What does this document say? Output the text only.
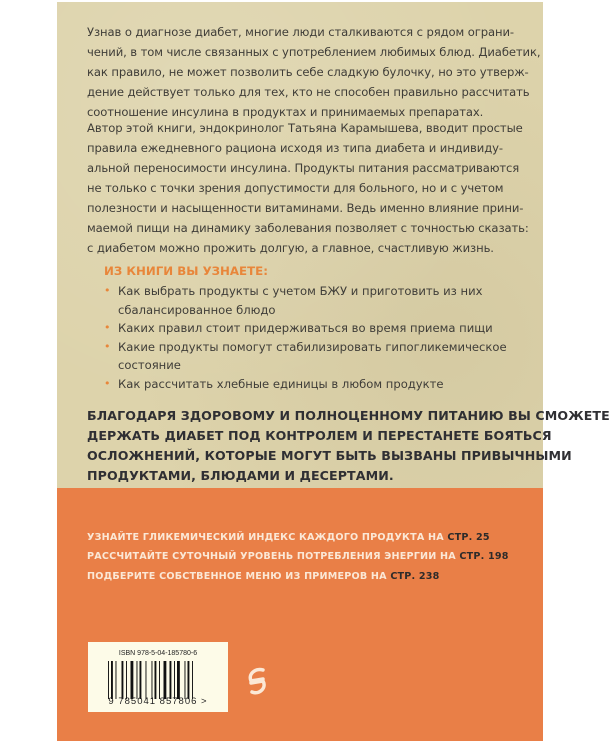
Узнав о диагнозе диабет, многие люди сталкиваются с рядом ограни-
чений, в том числе связанных с употреблением любимых блюд. Диабетик,
как правило, не может позволить себе сладкую булочку, но это утверж-
дение действует только для тех, кто не способен правильно рассчитать
соотношение инсулина в продуктах и принимаемых препаратах.
Автор этой книги, эндокринолог Татьяна Карамышева, вводит простые
правила ежедневного рациона исходя из типа диабета и индивиду-
альной переносимости инсулина. Продукты питания рассматриваются
не только с точки зрения допустимости для больного, но и с учетом
полезности и насыщенности витаминами. Ведь именно влияние прини-
маемой пищи на динамику заболевания позволяет с точностью сказать:
с диабетом можно прожить долгую, а главное, счастливую жизнь.
ИЗ КНИГИ ВЫ УЗНАЕТЕ:
• Как выбрать продукты с учетом БЖУ и приготовить из них
сбалансированное блюдо
• Каких правил стоит придерживаться во время приема пищи
• Какие продукты помогут стабилизировать гипогликемическое
состояние
• Как рассчитать хлебные единицы в любом продукте
БЛАГОДАРЯ ЗДОРОВОМУ И ПОЛНОЦЕННОМУ ПИТАНИЮ ВЫ СМОЖЕТЕ
ДЕРЖАТЬ ДИАБЕТ ПОД КОНТРОЛЕМ И ПЕРЕСТАНЕТЕ БОЯТЬСЯ
ОСЛОЖНЕНИЙ, КОТОРЫЕ МОГУТ БЫТЬ ВЫЗВАНЫ ПРИВЫЧНЫМИ
ПРОДУКТАМИ, БЛЮДАМИ И ДЕСЕРТАМИ.
УЗНАЙТЕ ГЛИКЕМИЧЕСКИЙ ИНДЕКС КАЖДОГО ПРОДУКТА НА СТР. 25
РАССЧИТАЙТЕ СУТОЧНЫЙ УРОВЕНЬ ПОТРЕБЛЕНИЯ ЭНЕРГИИ НА СТР. 198
ПОДБЕРИТЕ СОБСТВЕННОЕ МЕНЮ ИЗ ПРИМЕРОВ НА СТР. 238
ISBN 978-5-04-185780-6
9 785041 857806 >
